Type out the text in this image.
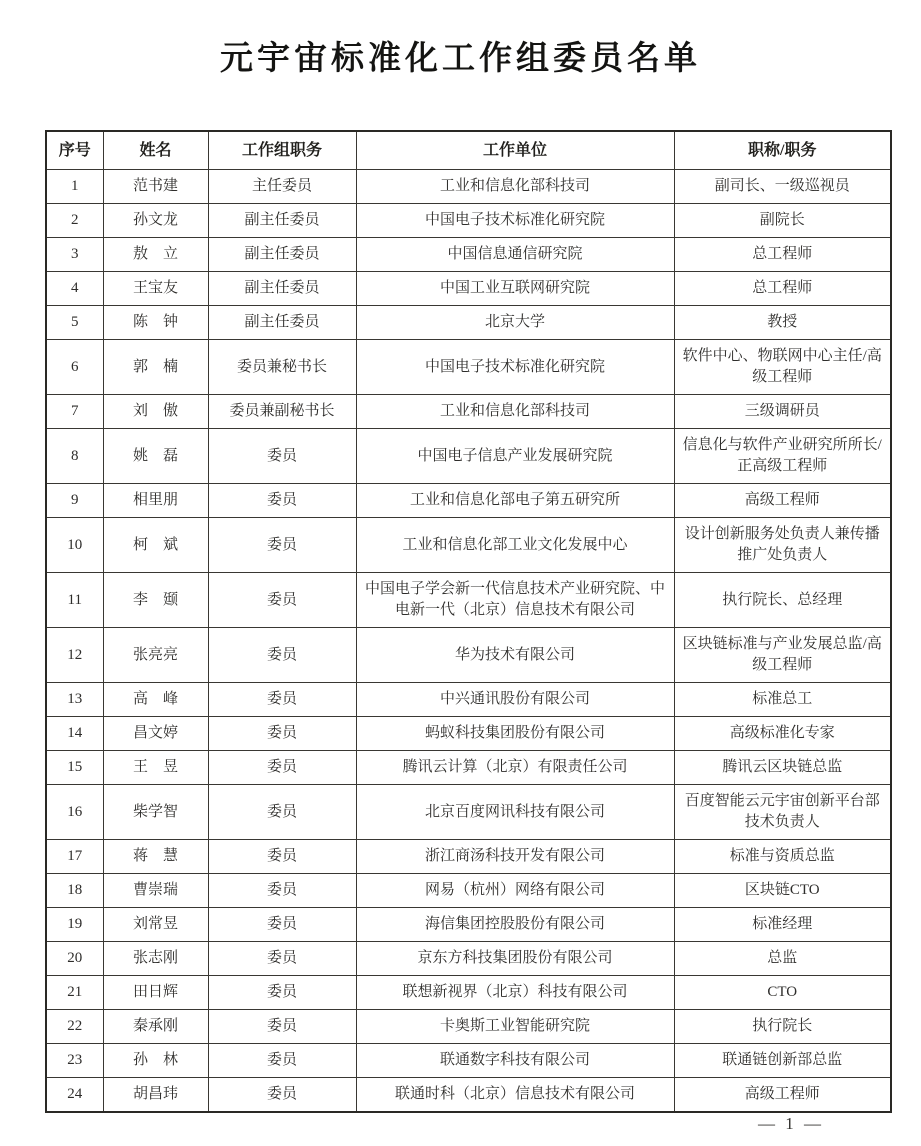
元宇宙标准化工作组委员名单
序号	姓名	工作组职务	工作单位	职称/职务
1	范书建	主任委员	工业和信息化部科技司	副司长、一级巡视员
2	孙文龙	副主任委员	中国电子技术标准化研究院	副院长
3	敖　立	副主任委员	中国信息通信研究院	总工程师
4	王宝友	副主任委员	中国工业互联网研究院	总工程师
5	陈　钟	副主任委员	北京大学	教授
6	郭　楠	委员兼秘书长	中国电子技术标准化研究院	软件中心、物联网中心主任/高级工程师
7	刘　傲	委员兼副秘书长	工业和信息化部科技司	三级调研员
8	姚　磊	委员	中国电子信息产业发展研究院	信息化与软件产业研究所所长/正高级工程师
9	相里朋	委员	工业和信息化部电子第五研究所	高级工程师
10	柯　斌	委员	工业和信息化部工业文化发展中心	设计创新服务处负责人兼传播推广处负责人
11	李　颋	委员	中国电子学会新一代信息技术产业研究院、中电新一代（北京）信息技术有限公司	执行院长、总经理
12	张亮亮	委员	华为技术有限公司	区块链标准与产业发展总监/高级工程师
13	高　峰	委员	中兴通讯股份有限公司	标准总工
14	昌文婷	委员	蚂蚁科技集团股份有限公司	高级标准化专家
15	王　昱	委员	腾讯云计算（北京）有限责任公司	腾讯云区块链总监
16	柴学智	委员	北京百度网讯科技有限公司	百度智能云元宇宙创新平台部技术负责人
17	蒋　慧	委员	浙江商汤科技开发有限公司	标准与资质总监
18	曹崇瑞	委员	网易（杭州）网络有限公司	区块链CTO
19	刘常昱	委员	海信集团控股股份有限公司	标准经理
20	张志刚	委员	京东方科技集团股份有限公司	总监
21	田日辉	委员	联想新视界（北京）科技有限公司	CTO
22	秦承刚	委员	卡奥斯工业智能研究院	执行院长
23	孙　林	委员	联通数字科技有限公司	联通链创新部总监
24	胡昌玮	委员	联通时科（北京）信息技术有限公司	高级工程师
— 1 —
